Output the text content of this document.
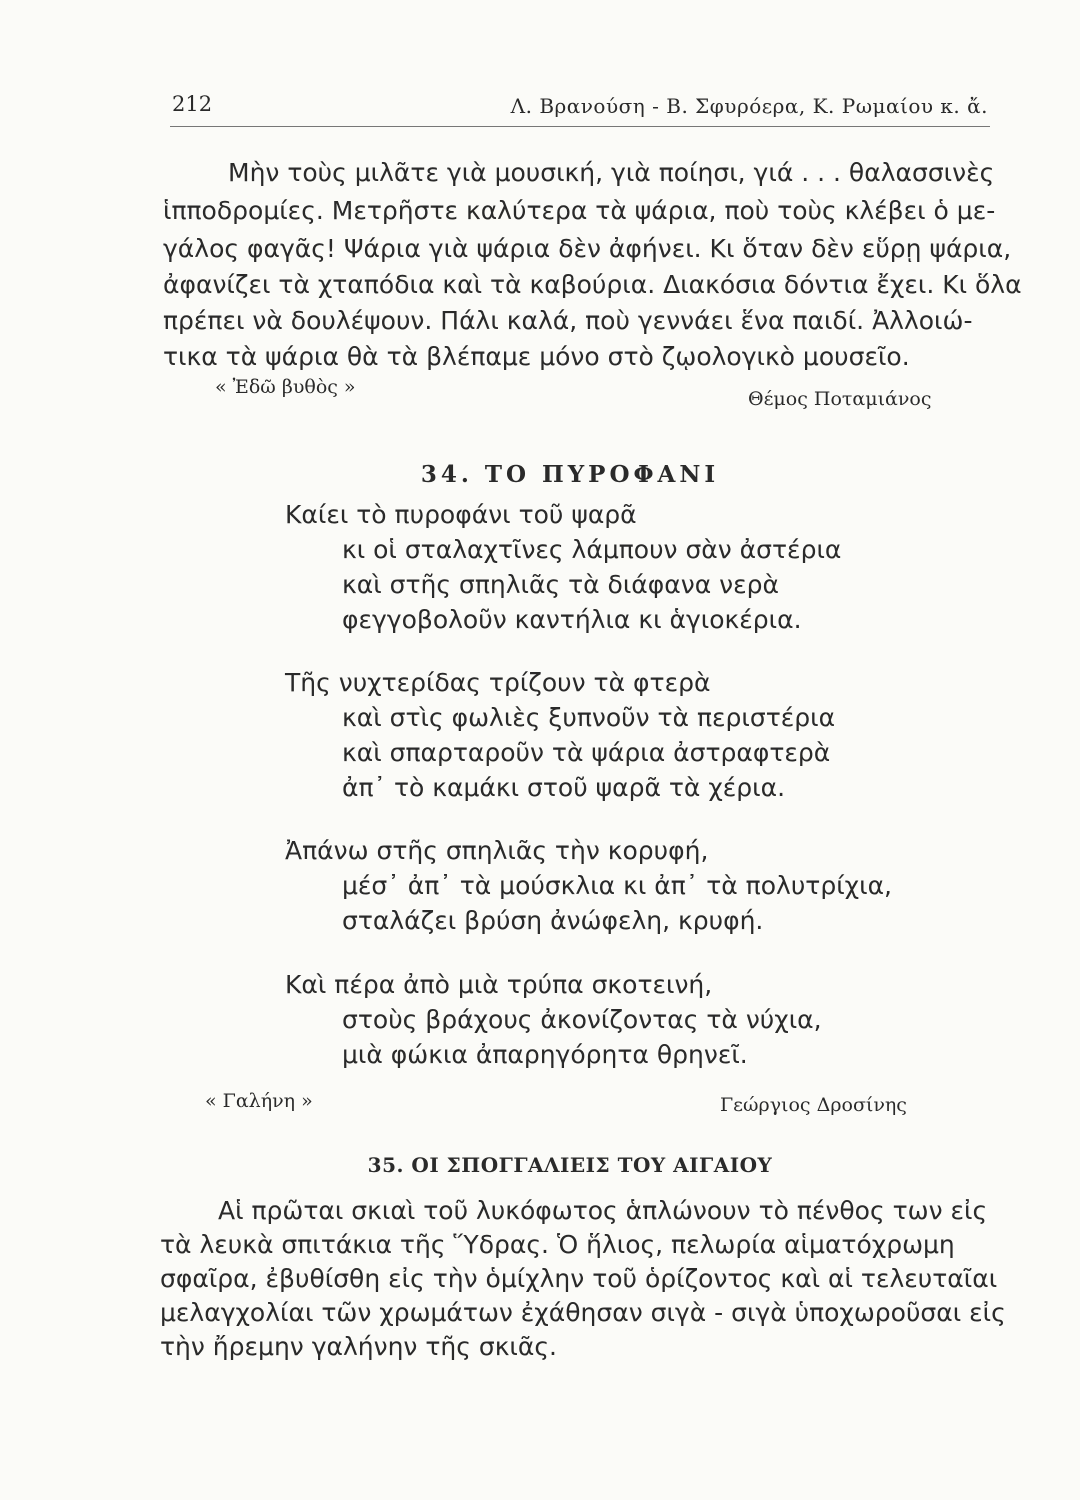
212	Λ. Βρανούση - Β. Σφυρόερα, Κ. Ρωμαίου κ. ἄ.
Μὴν τοὺς μιλᾶτε γιὰ μουσική, γιὰ ποίησι, γιά . . . θαλασσινὲς
ἱπποδρομίες. Μετρῆστε καλύτερα τὰ ψάρια, ποὺ τοὺς κλέβει ὁ με-
γάλος φαγᾶς! Ψάρια γιὰ ψάρια δὲν ἀφήνει. Κι ὅταν δὲν εὕρῃ ψάρια,
ἀφανίζει τὰ χταπόδια καὶ τὰ καβούρια. Διακόσια δόντια ἔχει. Κι ὅλα
πρέπει νὰ δουλέψουν. Πάλι καλά, ποὺ γεννάει ἕνα παιδί. Ἀλλοιώ-
τικα τὰ ψάρια θὰ τὰ βλέπαμε μόνο στὸ ζῳολογικὸ μουσεῖο.
« Ἐδῶ βυθὸς »
Θέμος Ποταμιάνος
34. ΤΟ ΠΥΡΟΦΑΝΙ
Καίει τὸ πυροφάνι τοῦ ψαρᾶ
κι οἱ σταλαχτῖνες λάμπουν σὰν ἀστέρια
καὶ στῆς σπηλιᾶς τὰ διάφανα νερὰ
φεγγοβολοῦν καντήλια κι ἁγιοκέρια.
Τῆς νυχτερίδας τρίζουν τὰ φτερὰ
καὶ στὶς φωλιὲς ξυπνοῦν τὰ περιστέρια
καὶ σπαρταροῦν τὰ ψάρια ἀστραφτερὰ
ἀπ᾿ τὸ καμάκι στοῦ ψαρᾶ τὰ χέρια.
Ἀπάνω στῆς σπηλιᾶς τὴν κορυφή,
μέσ᾿ ἀπ᾿ τὰ μούσκλια κι ἀπ᾿ τὰ πολυτρίχια,
σταλάζει βρύση ἀνώφελη, κρυφή.
Καὶ πέρα ἀπὸ μιὰ τρύπα σκοτεινή,
στοὺς βράχους ἀκονίζοντας τὰ νύχια,
μιὰ φώκια ἀπαρηγόρητα θρηνεῖ.
« Γαλήνη »	Γεώργιος Δροσίνης
35. ΟΙ ΣΠΟΓΓΑΛΙΕΙΣ ΤΟΥ ΑΙΓΑΙΟΥ
Αἱ πρῶται σκιαὶ τοῦ λυκόφωτος ἁπλώνουν τὸ πένθος των εἰς
τὰ λευκὰ σπιτάκια τῆς Ὕδρας. Ὁ ἥλιος, πελωρία αἱματόχρωμη
σφαῖρα, ἐβυθίσθη εἰς τὴν ὁμίχλην τοῦ ὁρίζοντος καὶ αἱ τελευταῖαι
μελαγχολίαι τῶν χρωμάτων ἐχάθησαν σιγὰ - σιγὰ ὑποχωροῦσαι εἰς
τὴν ἤρεμην γαλήνην τῆς σκιᾶς.
